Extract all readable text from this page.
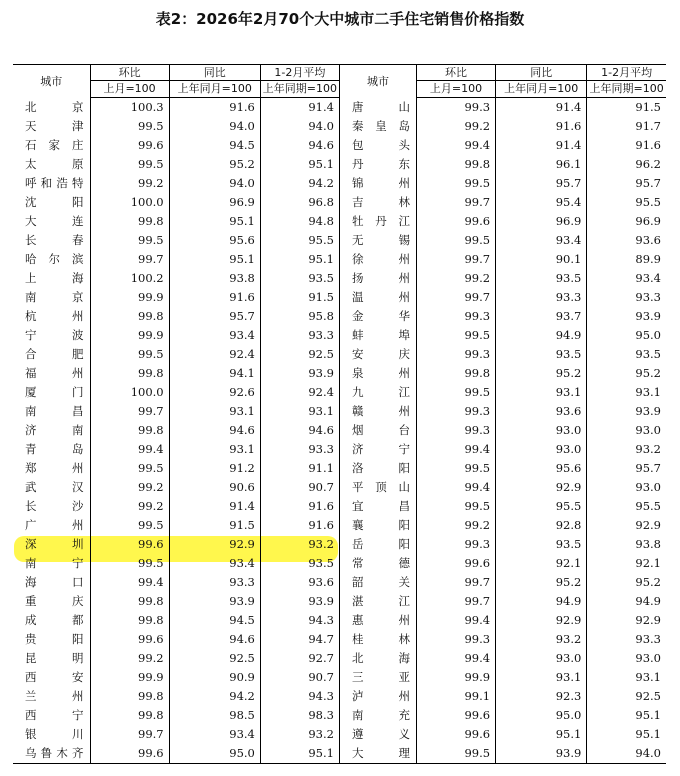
表2：2026年2月70个大中城市二手住宅销售价格指数
城市	环比	同比	1-2月平均	城市	环比	同比	1-2月平均
	上月=100	上年同月=100	上年同期=100		上月=100	上年同月=100	上年同期=100
北京	100.3	91.6	91.4	唐山	99.3	91.4	91.5
天津	99.5	94.0	94.0	秦皇岛	99.2	91.6	91.7
石家庄	99.6	94.5	94.6	包头	99.4	91.4	91.6
太原	99.5	95.2	95.1	丹东	99.8	96.1	96.2
呼和浩特	99.2	94.0	94.2	锦州	99.5	95.7	95.7
沈阳	100.0	96.9	96.8	吉林	99.7	95.4	95.5
大连	99.8	95.1	94.8	牡丹江	99.6	96.9	96.9
长春	99.5	95.6	95.5	无锡	99.5	93.4	93.6
哈尔滨	99.7	95.1	95.1	徐州	99.7	90.1	89.9
上海	100.2	93.8	93.5	扬州	99.2	93.5	93.4
南京	99.9	91.6	91.5	温州	99.7	93.3	93.3
杭州	99.8	95.7	95.8	金华	99.3	93.7	93.9
宁波	99.9	93.4	93.3	蚌埠	99.5	94.9	95.0
合肥	99.5	92.4	92.5	安庆	99.3	93.5	93.5
福州	99.8	94.1	93.9	泉州	99.8	95.2	95.2
厦门	100.0	92.6	92.4	九江	99.5	93.1	93.1
南昌	99.7	93.1	93.1	赣州	99.3	93.6	93.9
济南	99.8	94.6	94.6	烟台	99.3	93.0	93.0
青岛	99.4	93.1	93.3	济宁	99.4	93.0	93.2
郑州	99.5	91.2	91.1	洛阳	99.5	95.6	95.7
武汉	99.2	90.6	90.7	平顶山	99.4	92.9	93.0
长沙	99.2	91.4	91.6	宜昌	99.5	95.5	95.5
广州	99.5	91.5	91.6	襄阳	99.2	92.8	92.9
深圳	99.6	92.9	93.2	岳阳	99.3	93.5	93.8
南宁	99.5	93.4	93.5	常德	99.6	92.1	92.1
海口	99.4	93.3	93.6	韶关	99.7	95.2	95.2
重庆	99.8	93.9	93.9	湛江	99.7	94.9	94.9
成都	99.8	94.5	94.3	惠州	99.4	92.9	92.9
贵阳	99.6	94.6	94.7	桂林	99.3	93.2	93.3
昆明	99.2	92.5	92.7	北海	99.4	93.0	93.0
西安	99.9	90.9	90.7	三亚	99.9	93.1	93.1
兰州	99.8	94.2	94.3	泸州	99.1	92.3	92.5
西宁	99.8	98.5	98.3	南充	99.6	95.0	95.1
银川	99.7	93.4	93.2	遵义	99.6	95.1	95.1
乌鲁木齐	99.6	95.0	95.1	大理	99.5	93.9	94.0
